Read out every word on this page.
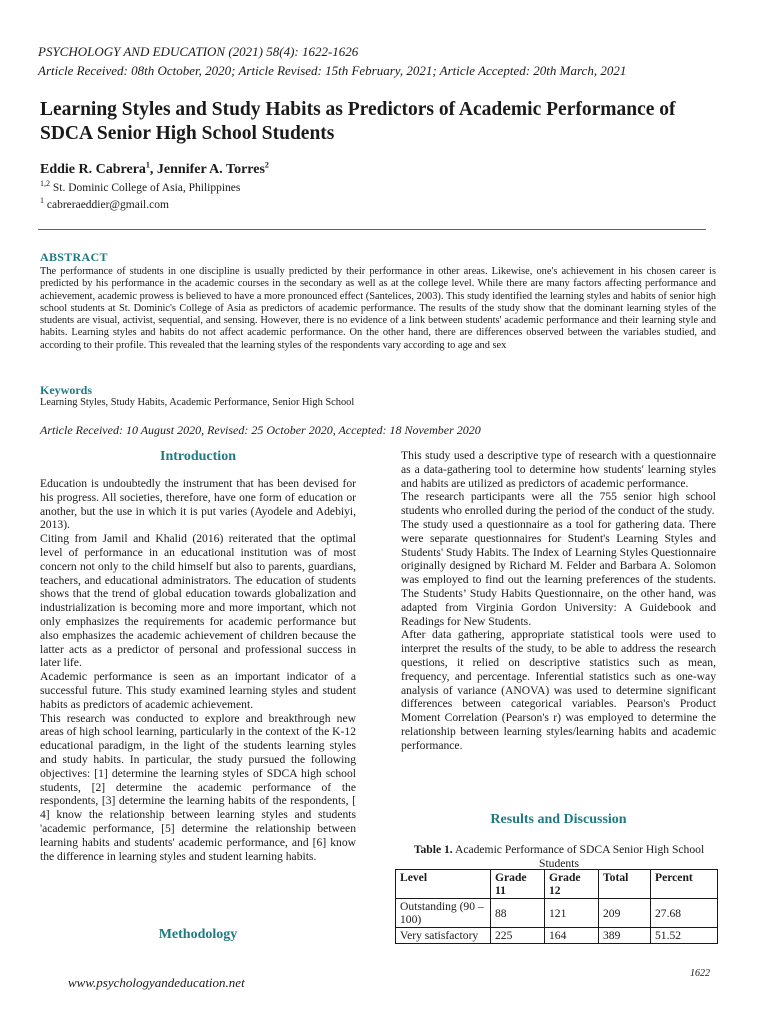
PSYCHOLOGY AND EDUCATION (2021) 58(4): 1622-1626
Article Received: 08th October, 2020; Article Revised: 15th February, 2021; Article Accepted: 20th March, 2021
Learning Styles and Study Habits as Predictors of Academic Performance of SDCA Senior High School Students
Eddie R. Cabrera$^1$, Jennifer A. Torres$^2$
$^{1,2}$ St. Dominic College of Asia, Philippines
$^1$ cabreraeddier@gmail.com
ABSTRACT
The performance of students in one discipline is usually predicted by their performance in other areas. Likewise, one's achievement in his chosen career is predicted by his performance in the academic courses in the secondary as well as at the college level. While there are many factors affecting performance and achievement, academic prowess is believed to have a more pronounced effect (Santelices, 2003). This study identified the learning styles and habits of senior high school students at St. Dominic's College of Asia as predictors of academic performance. The results of the study show that the dominant learning styles of the students are visual, activist, sequential, and sensing. However, there is no evidence of a link between students' academic performance and their learning style and habits. Learning styles and habits do not affect academic performance. On the other hand, there are differences observed between the variables studied, and according to their profile. This revealed that the learning styles of the respondents vary according to age and sex
Keywords
Learning Styles, Study Habits, Academic Performance, Senior High School
Article Received: 10 August 2020, Revised: 25 October 2020, Accepted: 18 November 2020
Introduction

Education is undoubtedly the instrument that has been devised for his progress. All societies, therefore, have one form of education or another, but the use in which it is put varies (Ayodele and Adebiyi, 2013).

Citing from Jamil and Khalid (2016) reiterated that the optimal level of performance in an educational institution was of most concern not only to the child himself but also to parents, guardians, teachers, and educational administrators. The education of students shows that the trend of global education towards globalization and industrialization is becoming more and more important, which not only emphasizes the requirements for academic performance but also emphasizes the academic achievement of children because the latter acts as a predictor of personal and professional success in later life.

Academic performance is seen as an important indicator of a successful future. This study examined learning styles and student habits as predictors of academic achievement.

This research was conducted to explore and breakthrough new areas of high school learning, particularly in the context of the K-12 educational paradigm, in the light of the students learning styles and study habits. In particular, the study pursued the following objectives: [1] determine the learning styles of SDCA high school students, [2] determine the academic performance of the respondents, [3] determine the learning habits of the respondents, [ 4] know the relationship between learning styles and students 'academic performance, [5] determine the relationship between learning habits and students' academic performance, and [6] know the difference in learning styles and student learning habits.

Methodology

This study used a descriptive type of research with a questionnaire as a data-gathering tool to determine how students' learning styles and habits are utilized as predictors of academic performance.

The research participants were all the 755 senior high school students who enrolled during the period of the conduct of the study.

The study used a questionnaire as a tool for gathering data. There were separate questionnaires for Student's Learning Styles and Students' Study Habits. The Index of Learning Styles Questionnaire originally designed by Richard M. Felder and Barbara A. Solomon was employed to find out the learning preferences of the students. The Students’ Study Habits Questionnaire, on the other hand, was adapted from Virginia Gordon University: A Guidebook and Readings for New Students.

After data gathering, appropriate statistical tools were used to interpret the results of the study, to be able to address the research questions, it relied on descriptive statistics such as mean, frequency, and percentage. Inferential statistics such as one-way analysis of variance (ANOVA) was used to determine significant differences between categorical variables. Pearson's Product Moment Correlation (Pearson's r) was employed to determine the relationship between learning styles/learning habits and academic performance.

Results and Discussion
Table 1. Academic Performance of SDCA Senior High School Students
Level	Grade 11	Grade 12	Total	Percent
Outstanding (90 – 100)	88	121	209	27.68
Very satisfactory	225	164	389	51.52
www.psychologyandeducation.net
1622
